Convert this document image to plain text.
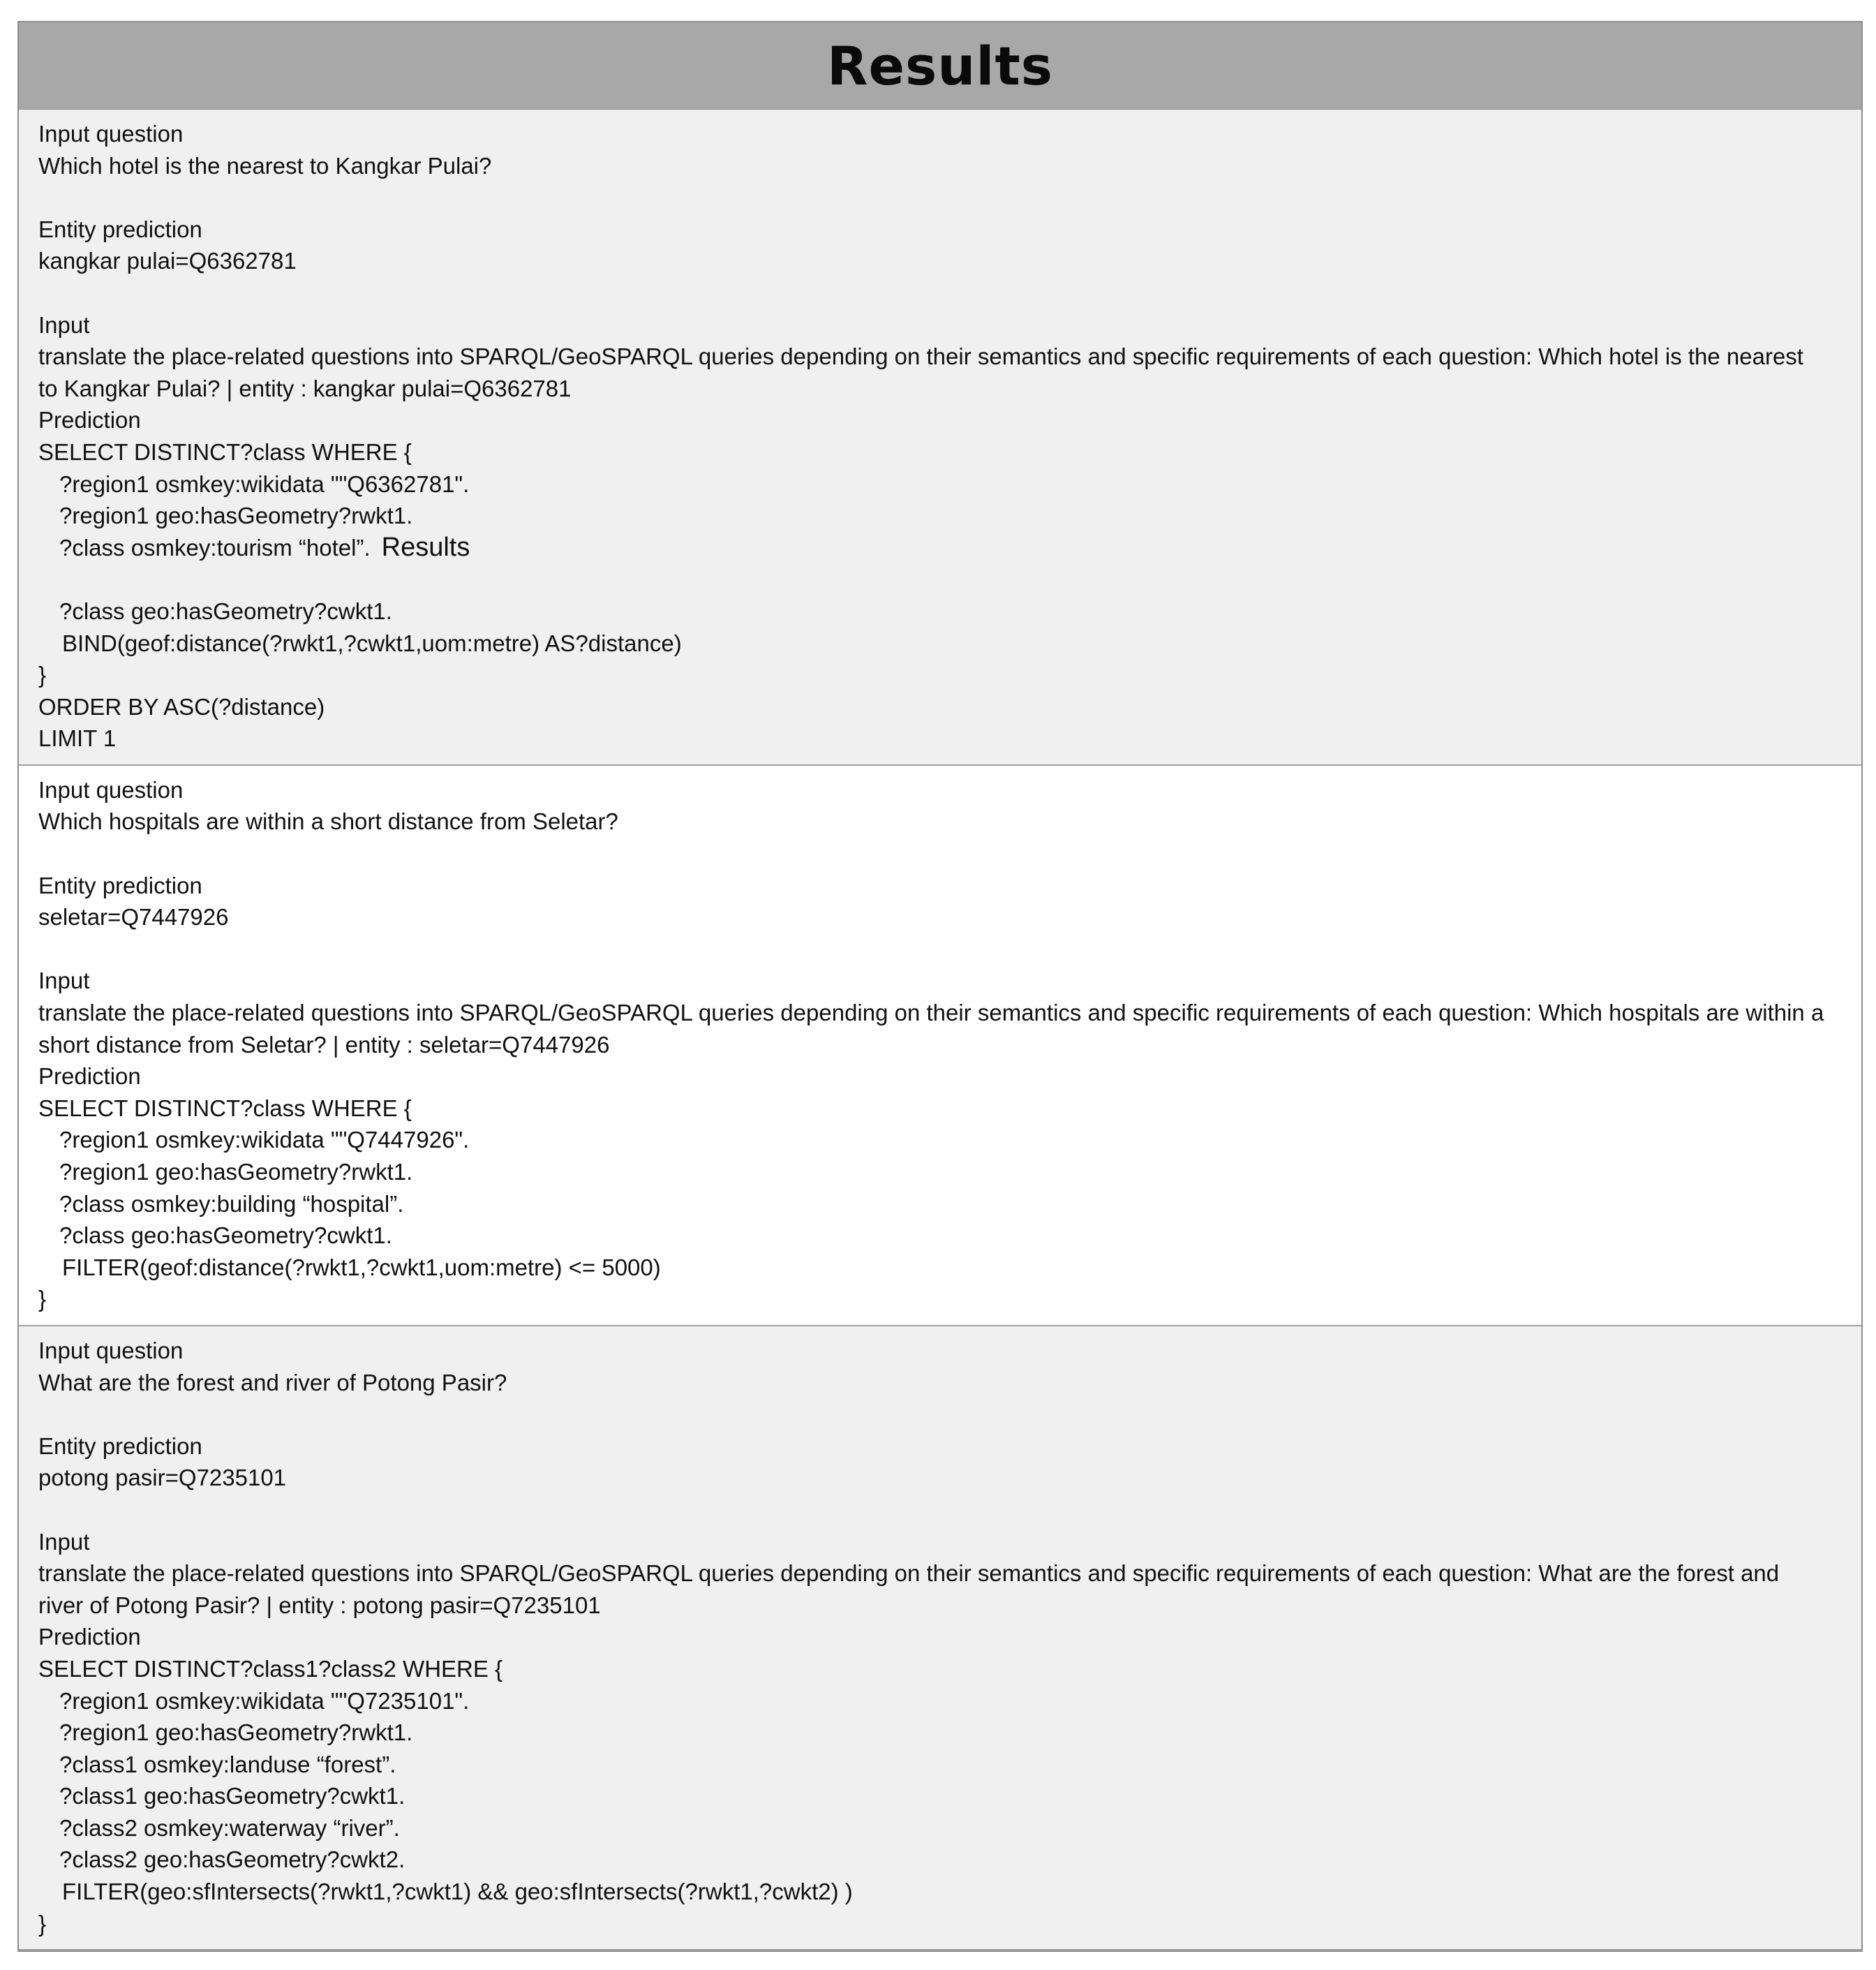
Results
Input question
Which hotel is the nearest to Kangkar Pulai?
Entity prediction
kangkar pulai=Q6362781
Input
translate the place-related questions into SPARQL/GeoSPARQL queries depending on their semantics and specific requirements of each question: Which hotel is the nearest to Kangkar Pulai? | entity : kangkar pulai=Q6362781
Prediction
SELECT DISTINCT?class WHERE {
?region1 osmkey:wikidata ""Q6362781".
?region1 geo:hasGeometry?rwkt1.
?class osmkey:tourism “hotel”. Results
?class geo:hasGeometry?cwkt1.
BIND(geof:distance(?rwkt1,?cwkt1,uom:metre) AS?distance)
}
ORDER BY ASC(?distance)
LIMIT 1
Input question
Which hospitals are within a short distance from Seletar?
Entity prediction
seletar=Q7447926
Input
translate the place-related questions into SPARQL/GeoSPARQL queries depending on their semantics and specific requirements of each question: Which hospitals are within a short distance from Seletar? | entity : seletar=Q7447926
Prediction
SELECT DISTINCT?class WHERE {
?region1 osmkey:wikidata ""Q7447926".
?region1 geo:hasGeometry?rwkt1.
?class osmkey:building “hospital”.
?class geo:hasGeometry?cwkt1.
FILTER(geof:distance(?rwkt1,?cwkt1,uom:metre) <= 5000)
}
Input question
What are the forest and river of Potong Pasir?
Entity prediction
potong pasir=Q7235101
Input
translate the place-related questions into SPARQL/GeoSPARQL queries depending on their semantics and specific requirements of each question: What are the forest and river of Potong Pasir? | entity : potong pasir=Q7235101
Prediction
SELECT DISTINCT?class1?class2 WHERE {
?region1 osmkey:wikidata ""Q7235101".
?region1 geo:hasGeometry?rwkt1.
?class1 osmkey:landuse “forest”.
?class1 geo:hasGeometry?cwkt1.
?class2 osmkey:waterway “river”.
?class2 geo:hasGeometry?cwkt2.
FILTER(geo:sfIntersects(?rwkt1,?cwkt1) && geo:sfIntersects(?rwkt1,?cwkt2) )
}
